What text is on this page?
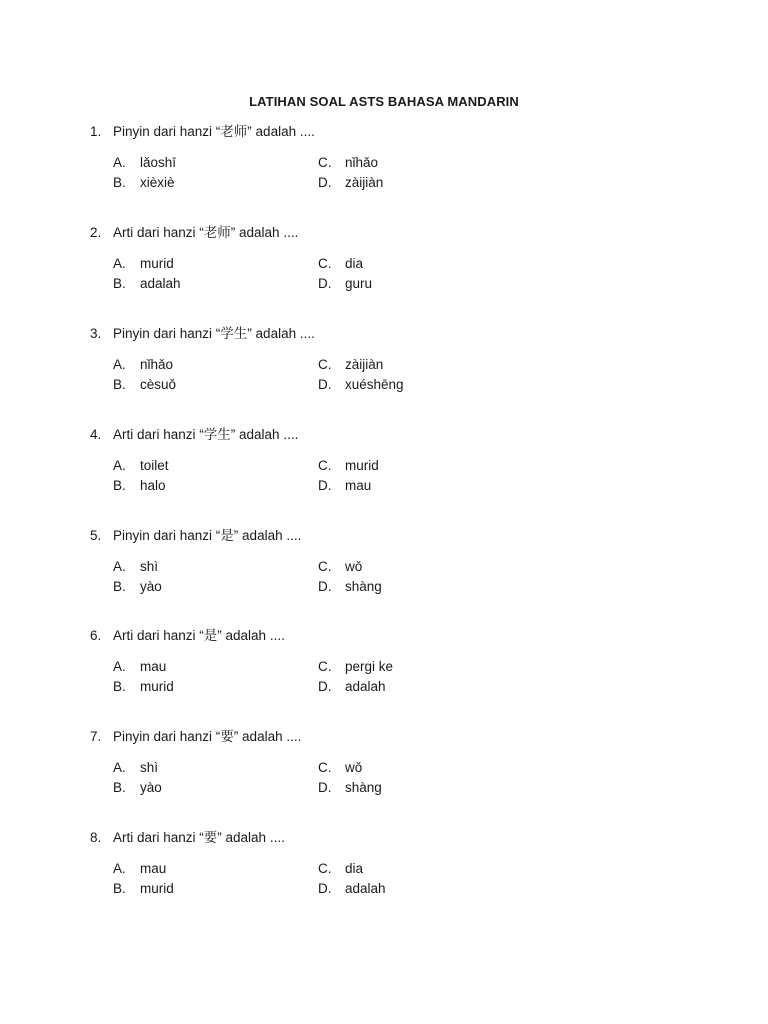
LATIHAN SOAL ASTS BAHASA MANDARIN
1. Pinyin dari hanzi “老师” adalah ....
A. lǎoshī
B. xièxiè
C. nǐhǎo
D. zàijiàn
2. Arti dari hanzi “老师” adalah ....
A. murid
B. adalah
C. dia
D. guru
3. Pinyin dari hanzi “学生” adalah ....
A. nǐhǎo
B. cèsuǒ
C. zàijiàn
D. xuéshēng
4. Arti dari hanzi “学生” adalah ....
A. toilet
B. halo
C. murid
D. mau
5. Pinyin dari hanzi “是” adalah ....
A. shì
B. yào
C. wǒ
D. shàng
6. Arti dari hanzi “是” adalah ....
A. mau
B. murid
C. pergi ke
D. adalah
7. Pinyin dari hanzi “要” adalah ....
A. shì
B. yào
C. wǒ
D. shàng
8. Arti dari hanzi “要” adalah ....
A. mau
B. murid
C. dia
D. adalah
